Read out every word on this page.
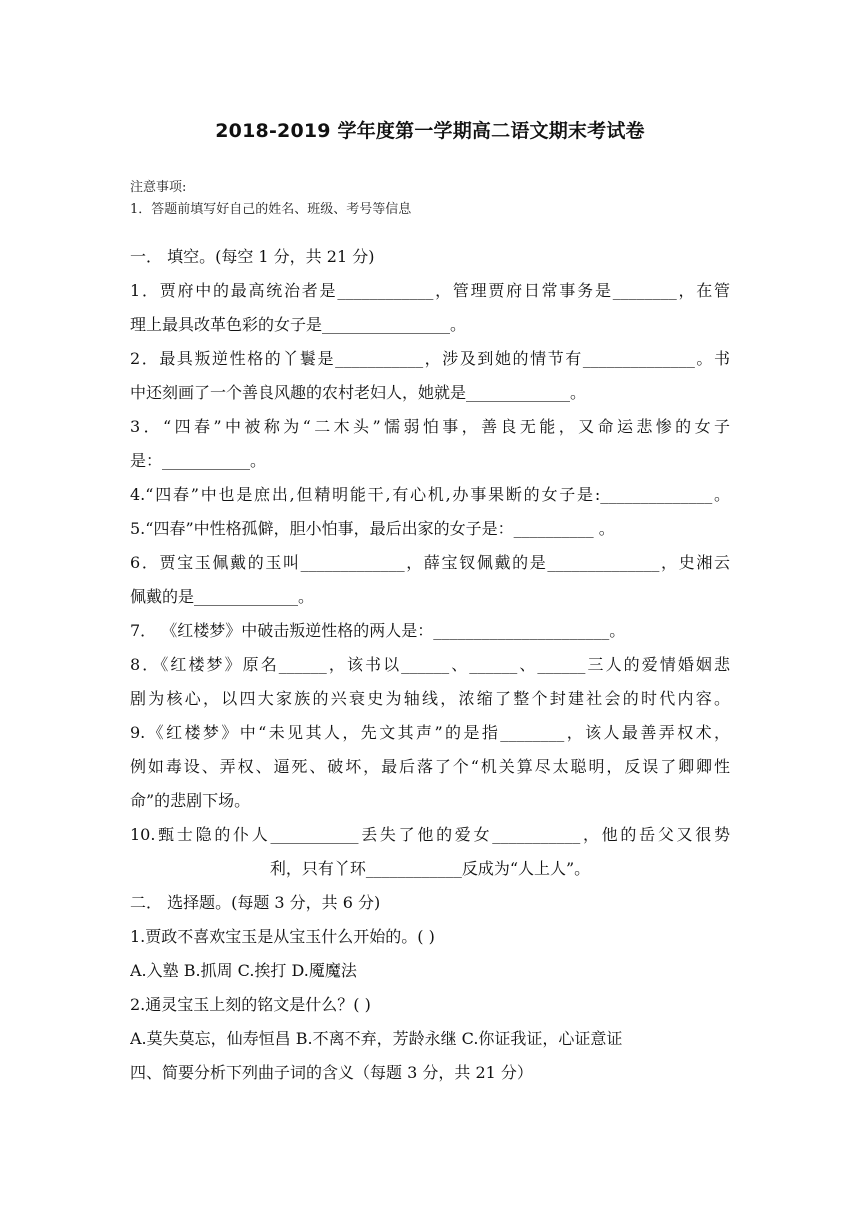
2018-2019 学年度第一学期高二语文期末考试卷
注意事项:
1．答题前填写好自己的姓名、班级、考号等信息
一． 填空。(每空 1 分，共 21 分)
1．贾府中的最高统治者是____________，管理贾府日常事务是________，在管
理上最具改革色彩的女子是________________。
2．最具叛逆性格的丫鬟是___________，涉及到她的情节有______________。书
中还刻画了一个善良风趣的农村老妇人，她就是_____________。
3．“四春”中被称为“二木头”懦弱怕事，善良无能，又命运悲惨的女子
是：___________。
4.“四春”中也是庶出,但精明能干,有心机,办事果断的女子是:______________。
5.“四春”中性格孤僻，胆小怕事，最后出家的女子是：__________ 。
6．贾宝玉佩戴的玉叫_____________，薛宝钗佩戴的是______________，史湘云
佩戴的是_____________。
7． 《红楼梦》中破击叛逆性格的两人是：______________________。
8．《红楼梦》原名______，该书以______、______、______三人的爱情婚姻悲
剧为核心，以四大家族的兴衰史为轴线，浓缩了整个封建社会的时代内容。
9.《红楼梦》中“未见其人，先文其声”的是指________，该人最善弄权术，
例如毒设、弄权、逼死、破坏，最后落了个“机关算尽太聪明，反误了卿卿性
命”的悲剧下场。
10.甄士隐的仆人___________丢失了他的爱女___________，他的岳父又很势
利，只有丫环____________反成为“人上人”。
二． 选择题。(每题 3 分，共 6 分)
1.贾政不喜欢宝玉是从宝玉什么开始的。( )
A.入塾 B.抓周 C.挨打 D.魇魔法
2.通灵宝玉上刻的铭文是什么？( )
A.莫失莫忘，仙寿恒昌 B.不离不弃，芳龄永继 C.你证我证，心证意证
四、简要分析下列曲子词的含义（每题 3 分，共 21 分）
